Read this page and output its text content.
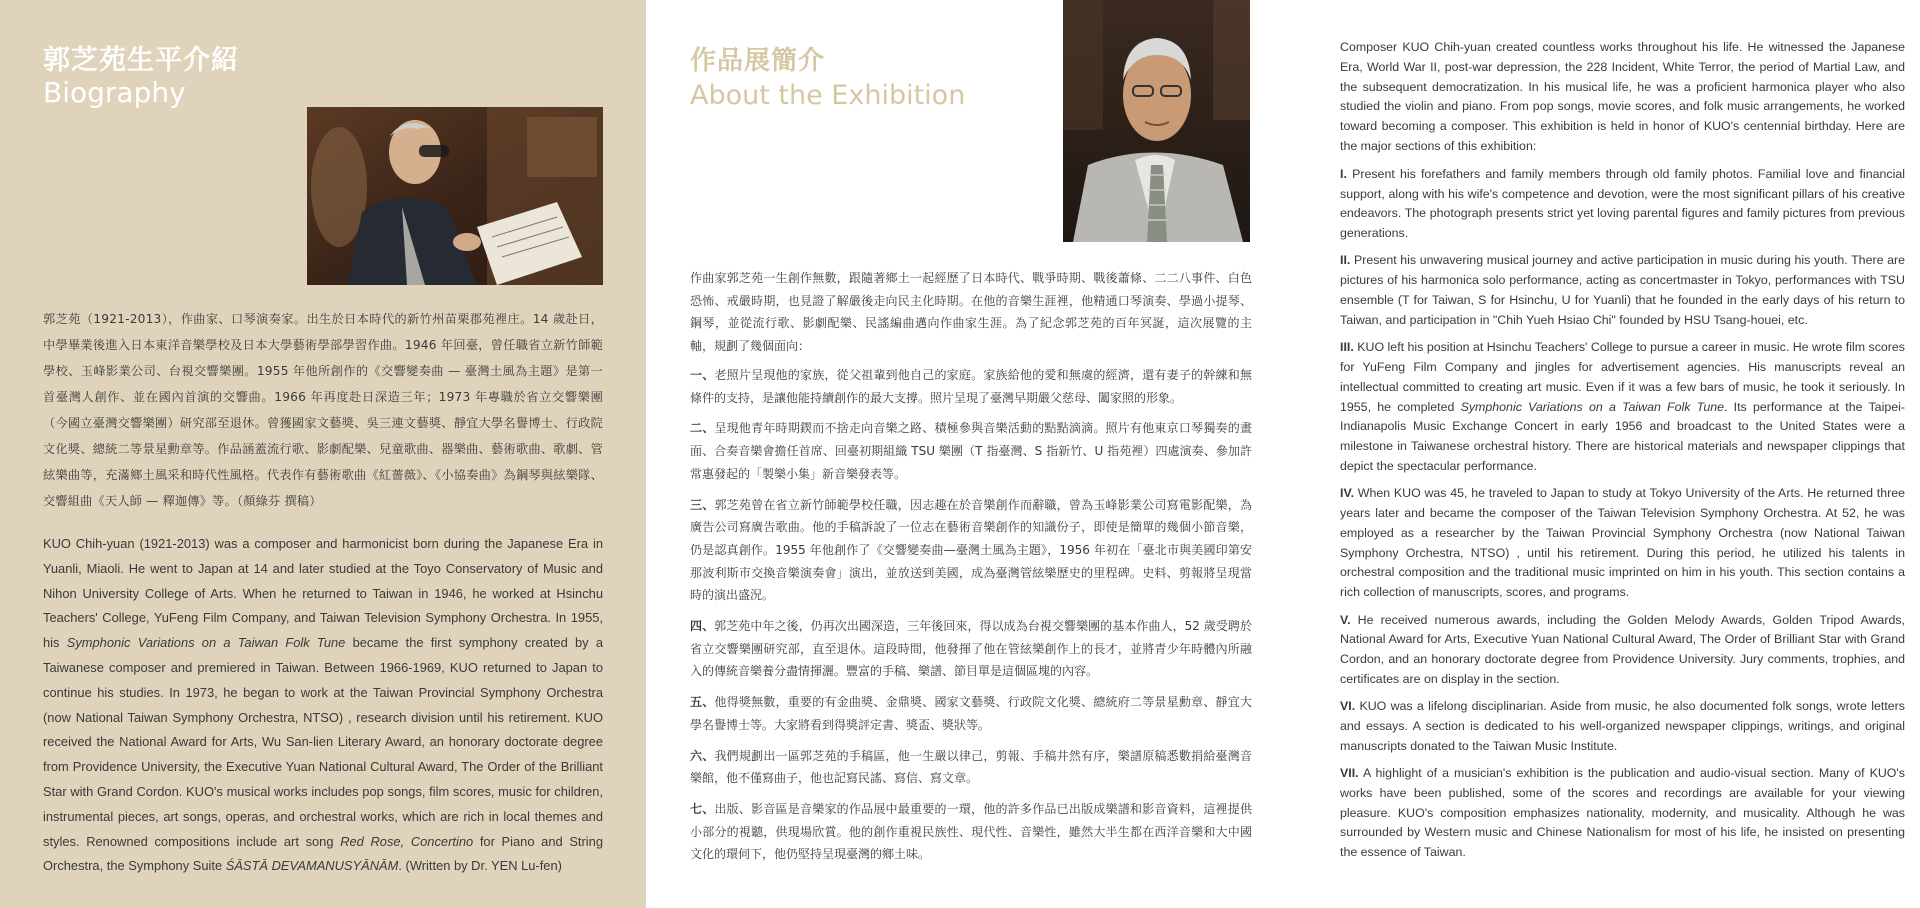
郭芝苑生平介紹
Biography

郭芝苑（1921-2013），作曲家、口琴演奏家。出生於日本時代的新竹州苗栗郡苑裡庄。14 歲赴日，中學畢業後進入日本東洋音樂學校及日本大學藝術學部學習作曲。1946 年回臺，曾任職省立新竹師範學校、玉峰影業公司、台視交響樂團。1955 年他所創作的《交響變奏曲 — 臺灣土風為主題》是第一首臺灣人創作、並在國內首演的交響曲。1966 年再度赴日深造三年；1973 年專職於省立交響樂團（今國立臺灣交響樂團）研究部至退休。曾獲國家文藝獎、吳三連文藝獎、靜宜大學名譽博士、行政院文化獎、總統二等景星勳章等。作品涵蓋流行歌、影劇配樂、兒童歌曲、器樂曲、藝術歌曲、歌劇、管絃樂曲等，充滿鄉土風采和時代性風格。代表作有藝術歌曲《紅薔薇》、《小協奏曲》為鋼琴與絃樂隊、交響組曲《天人師 — 釋迦傳》等。（顏綠芬 撰稿）

KUO Chih-yuan (1921-2013) was a composer and harmonicist born during the Japanese Era in Yuanli, Miaoli. He went to Japan at 14 and later studied at the Toyo Conservatory of Music and Nihon University College of Arts. When he returned to Taiwan in 1946, he worked at Hsinchu Teachers' College, YuFeng Film Company, and Taiwan Television Symphony Orchestra. In 1955, his Symphonic Variations on a Taiwan Folk Tune became the first symphony created by a Taiwanese composer and premiered in Taiwan. Between 1966-1969, KUO returned to Japan to continue his studies. In 1973, he began to work at the Taiwan Provincial Symphony Orchestra (now National Taiwan Symphony Orchestra, NTSO) , research division until his retirement. KUO received the National Award for Arts, Wu San-lien Literary Award, an honorary doctorate degree from Providence University, the Executive Yuan National Cultural Award, The Order of the Brilliant Star with Grand Cordon. KUO's musical works includes pop songs, film scores, music for children, instrumental pieces, art songs, operas, and orchestral works, which are rich in local themes and styles. Renowned compositions include art song Red Rose, Concertino for Piano and String Orchestra, the Symphony Suite ŚĀSTĀ DEVAMANUSYĀNĀM. (Written by Dr. YEN Lu-fen)

作品展簡介
About the Exhibition

作曲家郭芝苑一生創作無數，跟隨著鄉土一起經歷了日本時代、戰爭時期、戰後蕭條、二二八事件、白色恐怖、戒嚴時期，也見證了解嚴後走向民主化時期。在他的音樂生涯裡，他精通口琴演奏、學過小提琴、鋼琴，並從流行歌、影劇配樂、民謠編曲邁向作曲家生涯。為了紀念郭芝苑的百年冥誕，這次展覽的主軸，規劃了幾個面向：

一、老照片呈現他的家族，從父祖輩到他自己的家庭。家族給他的愛和無虞的經濟，還有妻子的幹練和無條件的支持，是讓他能持續創作的最大支撐。照片呈現了臺灣早期嚴父慈母、闔家照的形象。
二、呈現他青年時期鍥而不捨走向音樂之路、積極參與音樂活動的點點滴滴。照片有他東京口琴獨奏的畫面、合奏音樂會擔任首席、回臺初期組織 TSU 樂團（T 指臺灣、S 指新竹、U 指苑裡）四處演奏、參加許常惠發起的「製樂小集」新音樂發表等。
三、郭芝苑曾在省立新竹師範學校任職，因志趣在於音樂創作而辭職，曾為玉峰影業公司寫電影配樂，為廣告公司寫廣告歌曲。他的手稿訴說了一位志在藝術音樂創作的知識份子，即使是簡單的幾個小節音樂，仍是認真創作。1955 年他創作了《交響變奏曲—臺灣土風為主題》，1956 年初在「臺北市與美國印第安那波利斯市交換音樂演奏會」演出，並放送到美國，成為臺灣管絃樂歷史的里程碑。史料、剪報將呈現當時的演出盛況。
四、郭芝苑中年之後，仍再次出國深造，三年後回來，得以成為台視交響樂團的基本作曲人，52 歲受聘於省立交響樂團研究部，直至退休。這段時間，他發揮了他在管絃樂創作上的長才，並將青少年時體內所融入的傳統音樂養分盡情揮灑。豐富的手稿、樂譜、節目單是這個區塊的內容。
五、他得獎無數，重要的有金曲獎、金鼎獎、國家文藝獎、行政院文化獎、總統府二等景星勳章、靜宜大學名譽博士等。大家將看到得獎評定書、獎盃、獎狀等。
六、我們規劃出一區郭芝苑的手稿區，他一生嚴以律己，剪報、手稿井然有序，樂譜原稿悉數捐給臺灣音樂館，他不僅寫曲子，他也記寫民謠、寫信、寫文章。
七、出版、影音區是音樂家的作品展中最重要的一環，他的許多作品已出版成樂譜和影音資料，這裡提供小部分的視聽，供現場欣賞。他的創作重視民族性、現代性、音樂性，雖然大半生都在西洋音樂和大中國文化的環伺下，他仍堅持呈現臺灣的鄉土味。

Composer KUO Chih-yuan created countless works throughout his life. He witnessed the Japanese Era, World War II, post-war depression, the 228 Incident, White Terror, the period of Martial Law, and the subsequent democratization. In his musical life, he was a proficient harmonica player who also studied the violin and piano. From pop songs, movie scores, and folk music arrangements, he worked toward becoming a composer. This exhibition is held in honor of KUO's centennial birthday. Here are the major sections of this exhibition:

I. Present his forefathers and family members through old family photos. Familial love and financial support, along with his wife's competence and devotion, were the most significant pillars of his creative endeavors. The photograph presents strict yet loving parental figures and family pictures from previous generations.
II. Present his unwavering musical journey and active participation in music during his youth. There are pictures of his harmonica solo performance, acting as concertmaster in Tokyo, performances with TSU ensemble (T for Taiwan, S for Hsinchu, U for Yuanli) that he founded in the early days of his return to Taiwan, and participation in "Chih Yueh Hsiao Chi" founded by HSU Tsang-houei, etc.
III. KUO left his position at Hsinchu Teachers' College to pursue a career in music. He wrote film scores for YuFeng Film Company and jingles for advertisement agencies. His manuscripts reveal an intellectual committed to creating art music. Even if it was a few bars of music, he took it seriously. In 1955, he completed Symphonic Variations on a Taiwan Folk Tune. Its performance at the Taipei-Indianapolis Music Exchange Concert in early 1956 and broadcast to the United States were a milestone in Taiwanese orchestral history. There are historical materials and newspaper clippings that depict the spectacular performance.
IV. When KUO was 45, he traveled to Japan to study at Tokyo University of the Arts. He returned three years later and became the composer of the Taiwan Television Symphony Orchestra. At 52, he was employed as a researcher by the Taiwan Provincial Symphony Orchestra (now National Taiwan Symphony Orchestra, NTSO) , until his retirement. During this period, he utilized his talents in orchestral composition and the traditional music imprinted on him in his youth. This section contains a rich collection of manuscripts, scores, and programs.
V. He received numerous awards, including the Golden Melody Awards, Golden Tripod Awards, National Award for Arts, Executive Yuan National Cultural Award, The Order of Brilliant Star with Grand Cordon, and an honorary doctorate degree from Providence University. Jury comments, trophies, and certificates are on display in the section.
VI. KUO was a lifelong disciplinarian. Aside from music, he also documented folk songs, wrote letters and essays. A section is dedicated to his well-organized newspaper clippings, writings, and original manuscripts donated to the Taiwan Music Institute.
VII. A highlight of a musician's exhibition is the publication and audio-visual section. Many of KUO's works have been published, some of the scores and recordings are available for your viewing pleasure. KUO's composition emphasizes nationality, modernity, and musicality. Although he was surrounded by Western music and Chinese Nationalism for most of his life, he insisted on presenting the essence of Taiwan.
